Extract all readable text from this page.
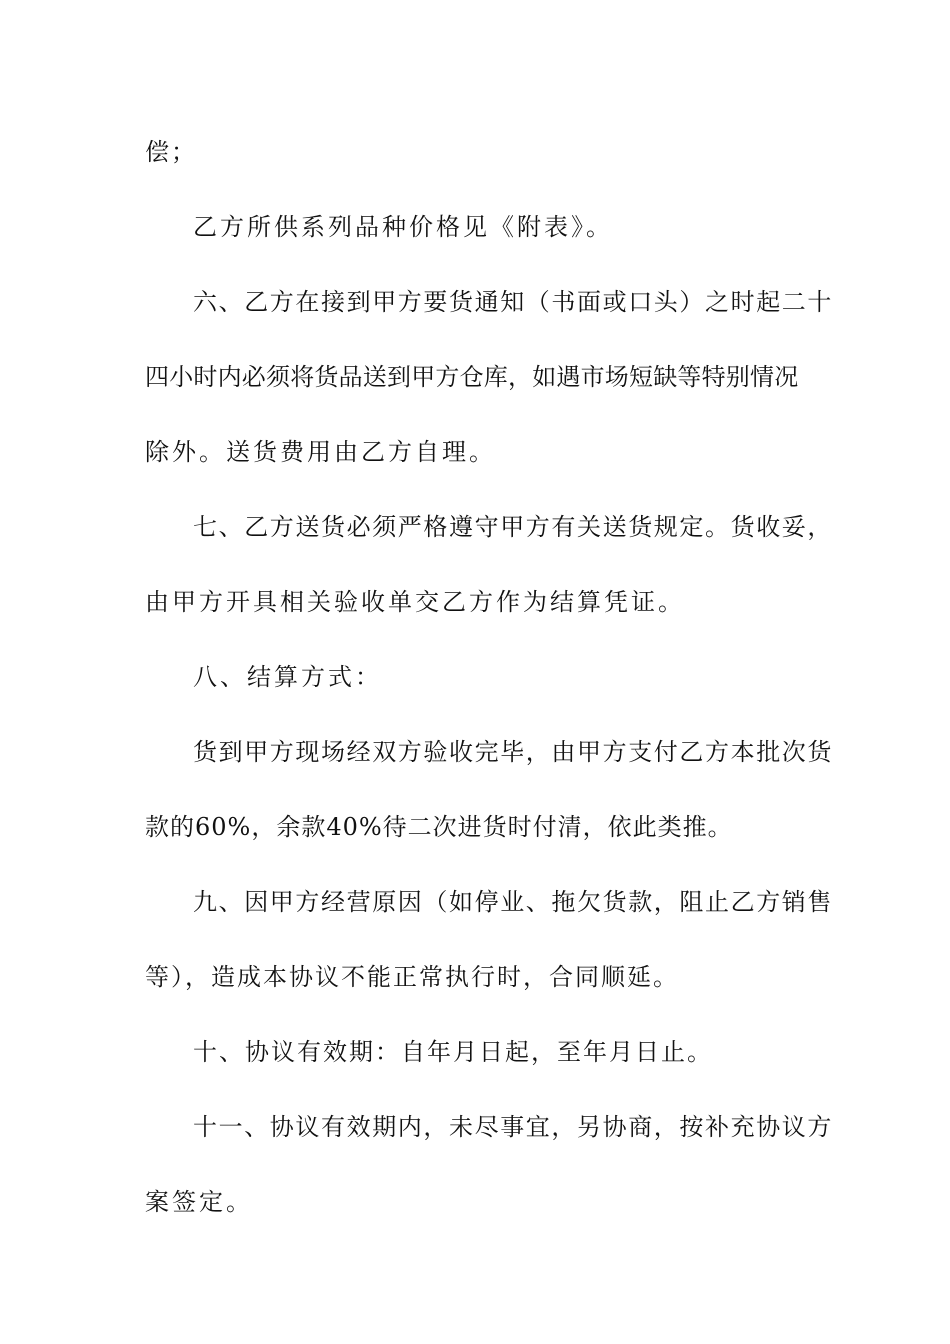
偿；
乙方所供系列品种价格见《附表》。
六、乙方在接到甲方要货通知（书面或口头）之时起二十
四小时内必须将货品送到甲方仓库，如遇市场短缺等特别情况
除外。送货费用由乙方自理。
七、乙方送货必须严格遵守甲方有关送货规定。货收妥，
由甲方开具相关验收单交乙方作为结算凭证。
八、结算方式：
货到甲方现场经双方验收完毕，由甲方支付乙方本批次货
款的60%，余款40%待二次进货时付清，依此类推。
九、因甲方经营原因（如停业、拖欠货款，阻止乙方销售
等），造成本协议不能正常执行时，合同顺延。
十、协议有效期：自年月日起，至年月日止。
十一、协议有效期内，未尽事宜，另协商，按补充协议方
案签定。
